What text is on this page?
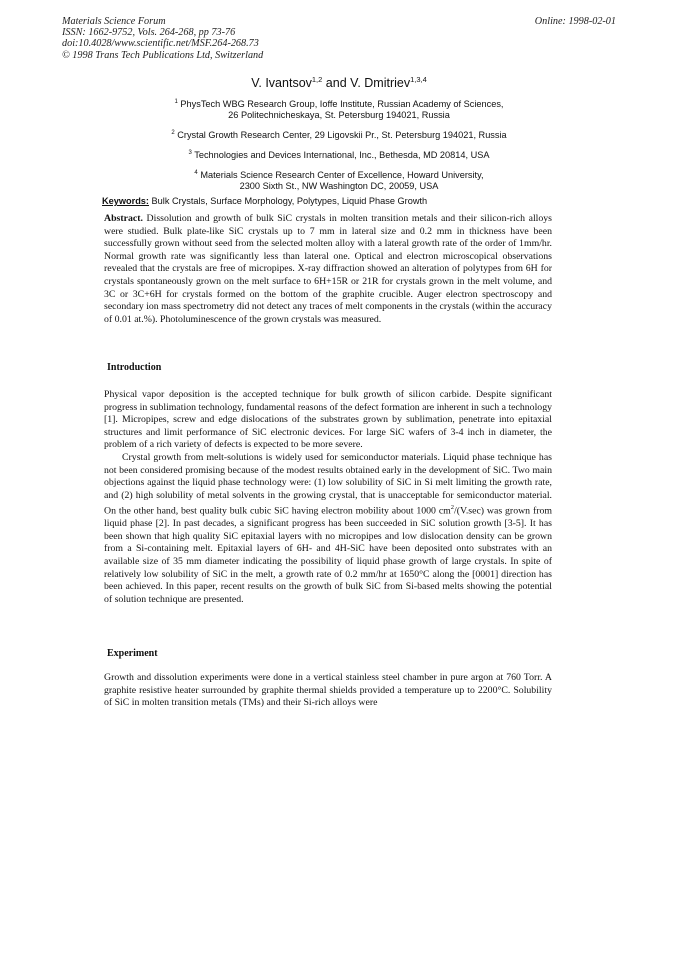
Materials Science Forum
ISSN: 1662-9752, Vols. 264-268, pp 73-76
doi:10.4028/www.scientific.net/MSF.264-268.73
© 1998 Trans Tech Publications Ltd, Switzerland
Online: 1998-02-01
V. Ivantsov$^{1,2}$ and V. Dmitriev$^{1,3,4}$
$^1$ PhysTech WBG Research Group, Ioffe Institute, Russian Academy of Sciences,
26 Politechnicheskaya, St. Petersburg 194021, Russia
$^2$ Crystal Growth Research Center, 29 Ligovskii Pr., St. Petersburg 194021, Russia
$^3$ Technologies and Devices International, Inc., Bethesda, MD 20814, USA
$^4$ Materials Science Research Center of Excellence, Howard University,
2300 Sixth St., NW Washington DC, 20059, USA
Keywords: Bulk Crystals, Surface Morphology, Polytypes, Liquid Phase Growth

Abstract. Dissolution and growth of bulk SiC crystals in molten transition metals and their silicon-rich alloys were studied. Bulk plate-like SiC crystals up to 7 mm in lateral size and 0.2 mm in thickness have been successfully grown without seed from the selected molten alloy with a lateral growth rate of the order of 1mm/hr. Normal growth rate was significantly less than lateral one. Optical and electron microscopical observations revealed that the crystals are free of micropipes. X-ray diffraction showed an alteration of polytypes from 6H for crystals spontaneously grown on the melt surface to 6H+15R or 21R for crystals grown in the melt volume, and 3C or 3C+6H for crystals formed on the bottom of the graphite crucible. Auger electron spectroscopy and secondary ion mass spectrometry did not detect any traces of melt components in the crystals (within the accuracy of 0.01 at.%). Photoluminescence of the grown crystals was measured.

Introduction

Physical vapor deposition is the accepted technique for bulk growth of silicon carbide. Despite significant progress in sublimation technology, fundamental reasons of the defect formation are inherent in such a technology [1]. Micropipes, screw and edge dislocations of the substrates grown by sublimation, penetrate into epitaxial structures and limit performance of SiC electronic devices. For large SiC wafers of 3-4 inch in diameter, the problem of a rich variety of defects is expected to be more severe.

Crystal growth from melt-solutions is widely used for semiconductor materials. Liquid phase technique has not been considered promising because of the modest results obtained early in the development of SiC. Two main objections against the liquid phase technology were: (1) low solubility of SiC in Si melt limiting the growth rate, and (2) high solubility of metal solvents in the growing crystal, that is unacceptable for semiconductor material. On the other hand, best quality bulk cubic SiC having electron mobility about 1000 $cm^2/(V.\sec)$ was grown from liquid phase [2]. In past decades, a significant progress has been succeeded in SiC solution growth [3-5]. It has been shown that high quality SiC epitaxial layers with no micropipes and low dislocation density can be grown from a Si-containing melt. Epitaxial layers of 6H- and 4H-SiC have been deposited onto substrates with an available size of 35 mm diameter indicating the possibility of liquid phase growth of large crystals. In spite of relatively low solubility of SiC in the melt, a growth rate of 0.2 mm/hr at 1650°C along the [0001] direction has been achieved. In this paper, recent results on the growth of bulk SiC from Si-based melts showing the potential of solution technique are presented.

Experiment

Growth and dissolution experiments were done in a vertical stainless steel chamber in pure argon at 760 Torr. A graphite resistive heater surrounded by graphite thermal shields provided a temperature up to 2200°C. Solubility of SiC in molten transition metals (TMs) and their Si-rich alloys were
